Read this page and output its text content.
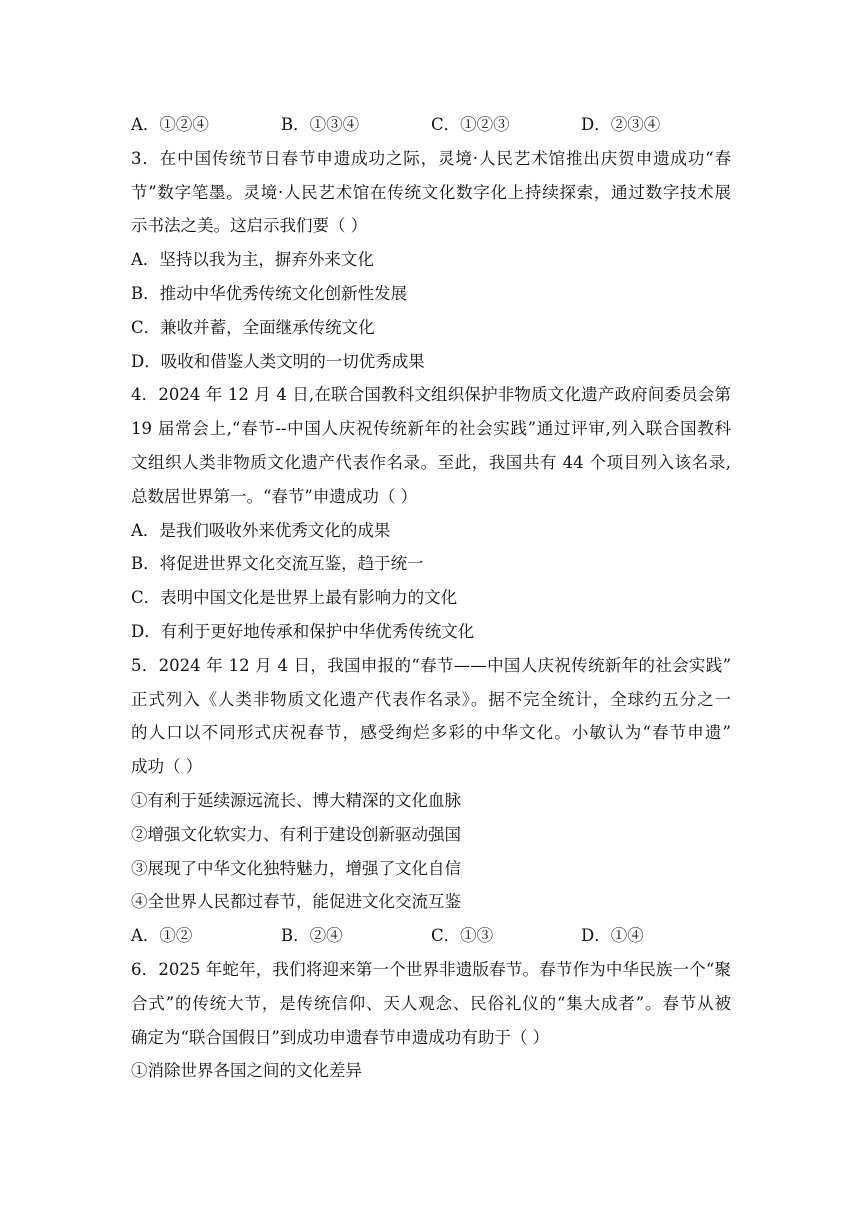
A．①②④	B．①③④	C．①②③	D．②③④
3．在中国传统节日春节申遗成功之际，灵境·人民艺术馆推出庆贺申遗成功“春
节”数字笔墨。灵境·人民艺术馆在传统文化数字化上持续探索，通过数字技术展
示书法之美。这启示我们要（ ）
A．坚持以我为主，摒弃外来文化
B．推动中华优秀传统文化创新性发展
C．兼收并蓄，全面继承传统文化
D．吸收和借鉴人类文明的一切优秀成果
4．2024 年 12 月 4 日,在联合国教科文组织保护非物质文化遗产政府间委员会第
19 届常会上,“春节--中国人庆祝传统新年的社会实践”通过评审,列入联合国教科
文组织人类非物质文化遗产代表作名录。至此，我国共有 44 个项目列入该名录,
总数居世界第一。“春节”申遗成功（ ）
A．是我们吸收外来优秀文化的成果
B．将促进世界文化交流互鉴，趋于统一
C．表明中国文化是世界上最有影响力的文化
D．有利于更好地传承和保护中华优秀传统文化
5．2024 年 12 月 4 日，我国申报的“春节——中国人庆祝传统新年的社会实践”
正式列入《人类非物质文化遗产代表作名录》。据不完全统计，全球约五分之一
的人口以不同形式庆祝春节，感受绚烂多彩的中华文化。小敏认为“春节申遗”
成功（ ）
①有利于延续源远流长、博大精深的文化血脉
②增强文化软实力、有利于建设创新驱动强国
③展现了中华文化独特魅力，增强了文化自信
④全世界人民都过春节，能促进文化交流互鉴
A．①②	B．②④	C．①③	D．①④
6．2025 年蛇年，我们将迎来第一个世界非遗版春节。春节作为中华民族一个“聚
合式”的传统大节，是传统信仰、天人观念、民俗礼仪的“集大成者”。春节从被
确定为“联合国假日”到成功申遗春节申遗成功有助于（ ）
①消除世界各国之间的文化差异
